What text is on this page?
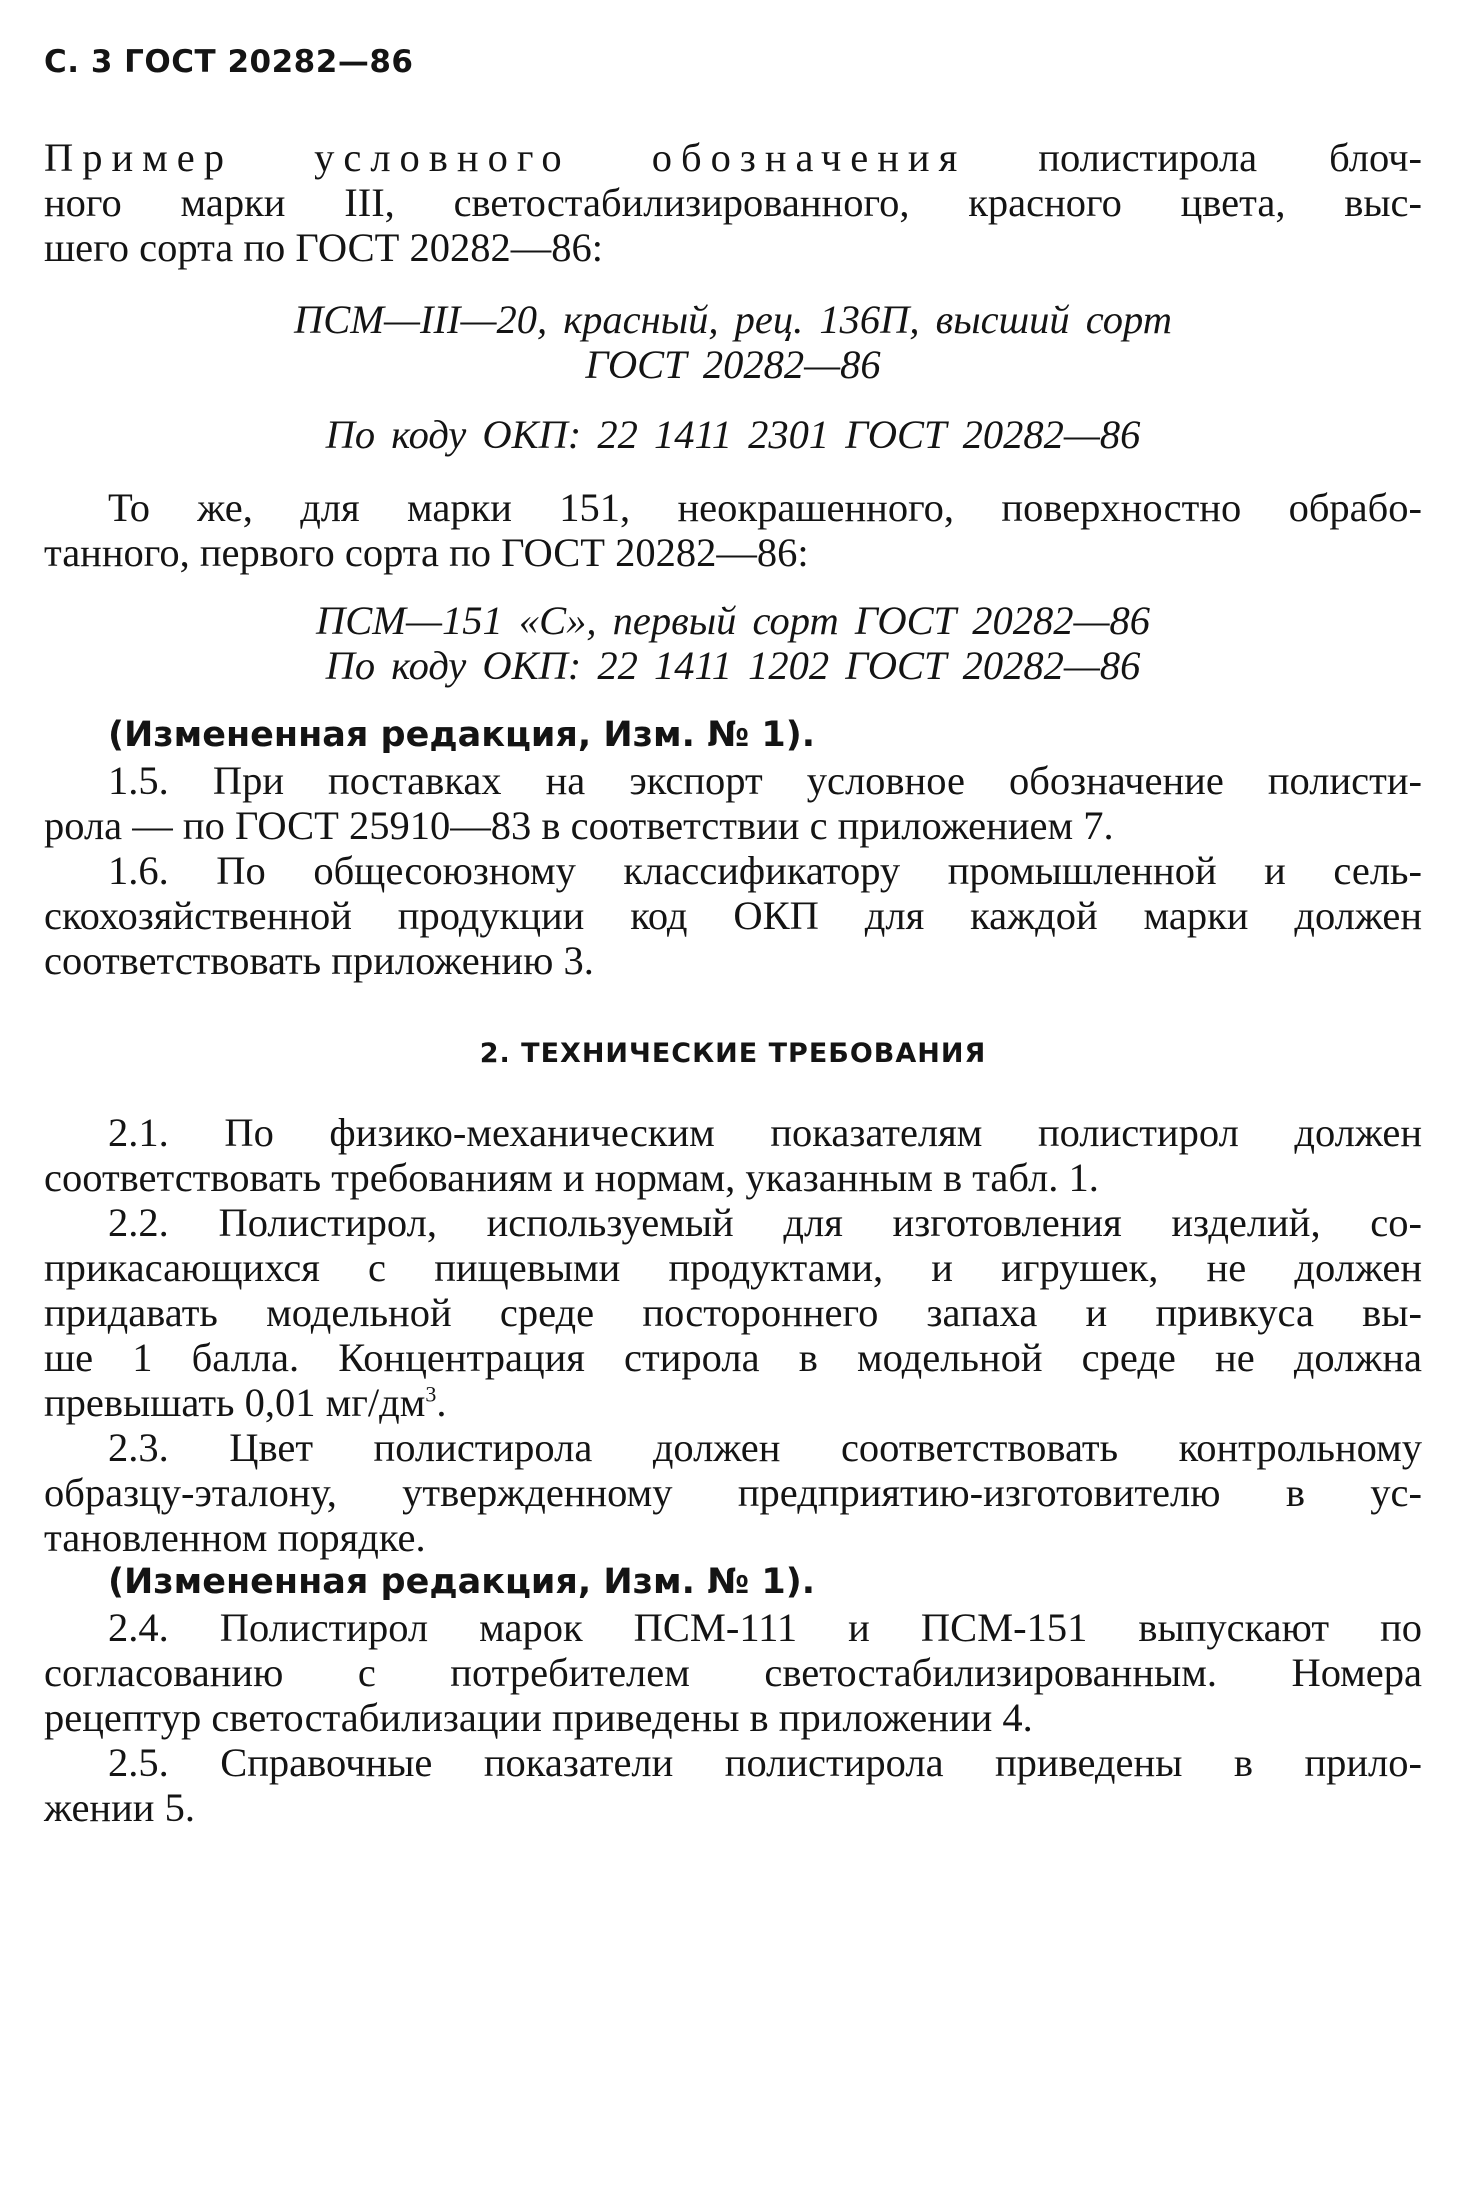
С. 3 ГОСТ 20282—86
Пример условного обозначения полистирола блоч-
ного марки III, светостабилизированного, красного цвета, выс-
шего сорта по ГОСТ 20282—86:
ПСМ—III—20, красный, рец. 136П, высший сорт
ГОСТ 20282—86
По коду ОКП: 22 1411 2301 ГОСТ 20282—86
То же, для марки 151, неокрашенного, поверхностно обрабо-
танного, первого сорта по ГОСТ 20282—86:
ПСМ—151 «С», первый сорт ГОСТ 20282—86
По коду ОКП: 22 1411 1202 ГОСТ 20282—86
(Измененная редакция, Изм. № 1).
1.5. При поставках на экспорт условное обозначение полисти-
рола — по ГОСТ 25910—83 в соответствии с приложением 7.
1.6. По общесоюзному классификатору промышленной и сель-
скохозяйственной продукции код ОКП для каждой марки должен
соответствовать приложению 3.
2. ТЕХНИЧЕСКИЕ ТРЕБОВАНИЯ
2.1. По физико-механическим показателям полистирол должен
соответствовать требованиям и нормам, указанным в табл. 1.
2.2. Полистирол, используемый для изготовления изделий, со-
прикасающихся с пищевыми продуктами, и игрушек, не должен
придавать модельной среде постороннего запаха и привкуса вы-
ше 1 балла. Концентрация стирола в модельной среде не должна
превышать 0,01 $мг/дм^3$.
2.3. Цвет полистирола должен соответствовать контрольному
образцу-эталону, утвержденному предприятию-изготовителю в ус-
тановленном порядке.
(Измененная редакция, Изм. № 1).
2.4. Полистирол марок ПСМ-111 и ПСМ-151 выпускают по
согласованию с потребителем светостабилизированным. Номера
рецептур светостабилизации приведены в приложении 4.
2.5. Справочные показатели полистирола приведены в прило-
жении 5.
